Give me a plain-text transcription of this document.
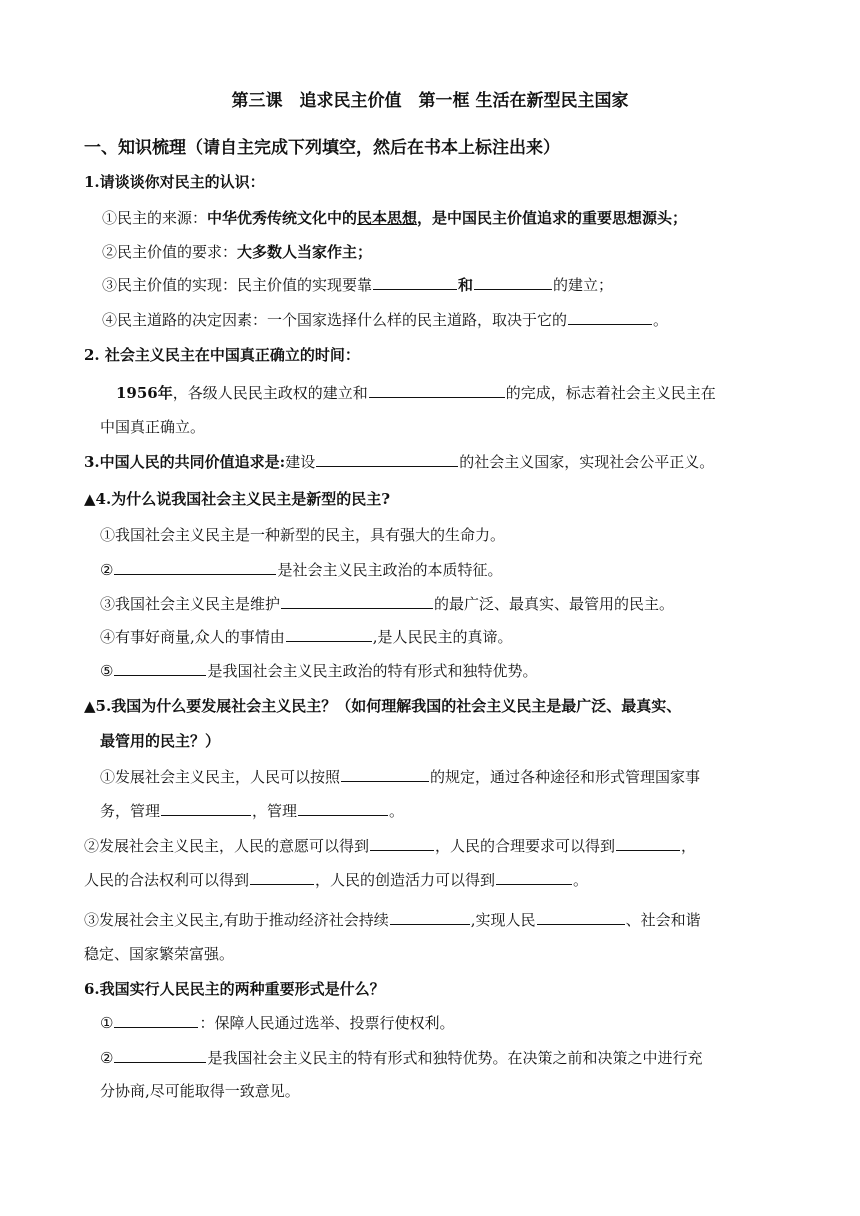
第三课　追求民主价值　第一框 生活在新型民主国家
一、知识梳理（请自主完成下列填空，然后在书本上标注出来）
1.请谈谈你对民主的认识：
①民主的来源：中华优秀传统文化中的民本思想，是中国民主价值追求的重要思想源头；
②民主价值的要求：大多数人当家作主；
③民主价值的实现：民主价值的实现要靠	和	的建立；
④民主道路的决定因素：一个国家选择什么样的民主道路，取决于它的	。
2. 社会主义民主在中国真正确立的时间：
1956年，各级人民民主政权的建立和	的完成，标志着社会主义民主在
中国真正确立。
3.中国人民的共同价值追求是:建设	的社会主义国家，实现社会公平正义。
▲4.为什么说我国社会主义民主是新型的民主?
①我国社会主义民主是一种新型的民主，具有强大的生命力。
②	是社会主义民主政治的本质特征。
③我国社会主义民主是维护	的最广泛、最真实、最管用的民主。
④有事好商量,众人的事情由	,是人民民主的真谛。
⑤	是我国社会主义民主政治的特有形式和独特优势。
▲5.我国为什么要发展社会主义民主？（如何理解我国的社会主义民主是最广泛、最真实、
最管用的民主？）
①发展社会主义民主，人民可以按照	的规定，通过各种途径和形式管理国家事
务，管理	，管理	。
②发展社会主义民主，人民的意愿可以得到	，人民的合理要求可以得到	，
人民的合法权利可以得到	，人民的创造活力可以得到	。
③发展社会主义民主,有助于推动经济社会持续	,实现人民	、社会和谐
稳定、国家繁荣富强。
6.我国实行人民民主的两种重要形式是什么？
①	：保障人民通过选举、投票行使权利。
②	是我国社会主义民主的特有形式和独特优势。在决策之前和决策之中进行充
分协商,尽可能取得一致意见。
